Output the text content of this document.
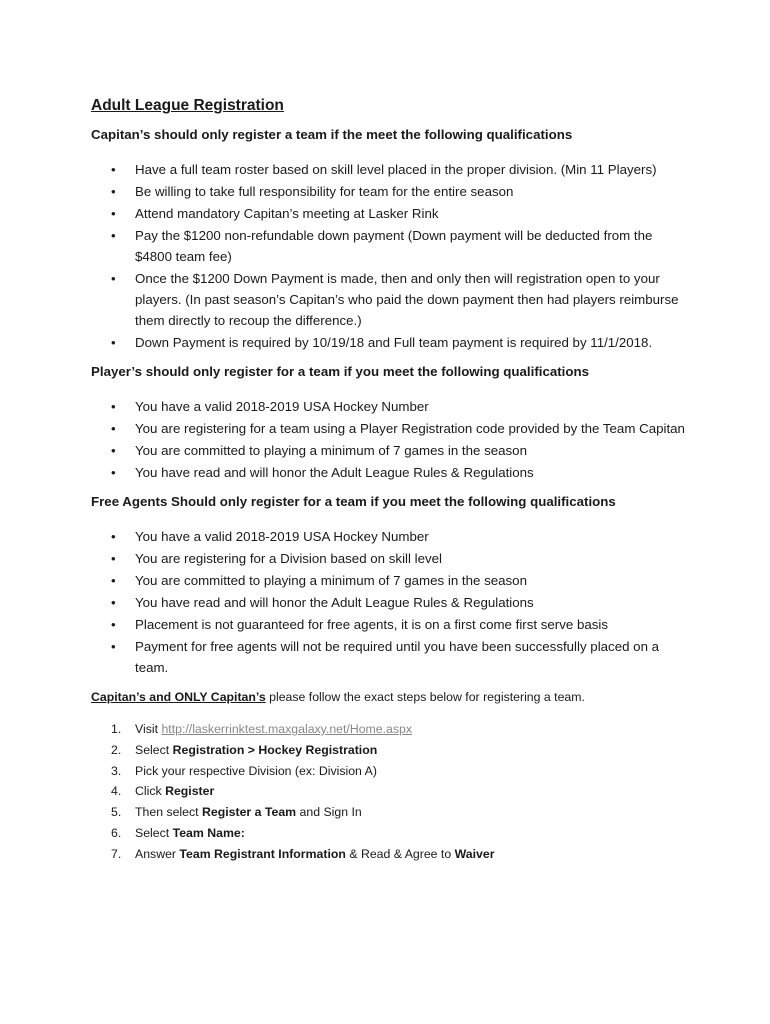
Adult League Registration
Capitan’s should only register a team if the meet the following qualifications
• Have a full team roster based on skill level placed in the proper division. (Min 11 Players)
• Be willing to take full responsibility for team for the entire season
• Attend mandatory Capitan’s meeting at Lasker Rink
• Pay the $1200 non-refundable down payment (Down payment will be deducted from the $4800 team fee)
• Once the $1200 Down Payment is made, then and only then will registration open to your players. (In past season’s Capitan’s who paid the down payment then had players reimburse them directly to recoup the difference.)
• Down Payment is required by 10/19/18 and Full team payment is required by 11/1/2018.
Player’s should only register for a team if you meet the following qualifications
• You have a valid 2018-2019 USA Hockey Number
• You are registering for a team using a Player Registration code provided by the Team Capitan
• You are committed to playing a minimum of 7 games in the season
• You have read and will honor the Adult League Rules & Regulations
Free Agents Should only register for a team if you meet the following qualifications
• You have a valid 2018-2019 USA Hockey Number
• You are registering for a Division based on skill level
• You are committed to playing a minimum of 7 games in the season
• You have read and will honor the Adult League Rules & Regulations
• Placement is not guaranteed for free agents, it is on a first come first serve basis
• Payment for free agents will not be required until you have been successfully placed on a team.

Capitan’s and ONLY Capitan’s please follow the exact steps below for registering a team.

1. Visit http://laskerrinktest.maxgalaxy.net/Home.aspx
2. Select Registration > Hockey Registration
3. Pick your respective Division (ex: Division A)
4. Click Register
5. Then select Register a Team and Sign In
6. Select Team Name:
7. Answer Team Registrant Information & Read & Agree to Waiver
